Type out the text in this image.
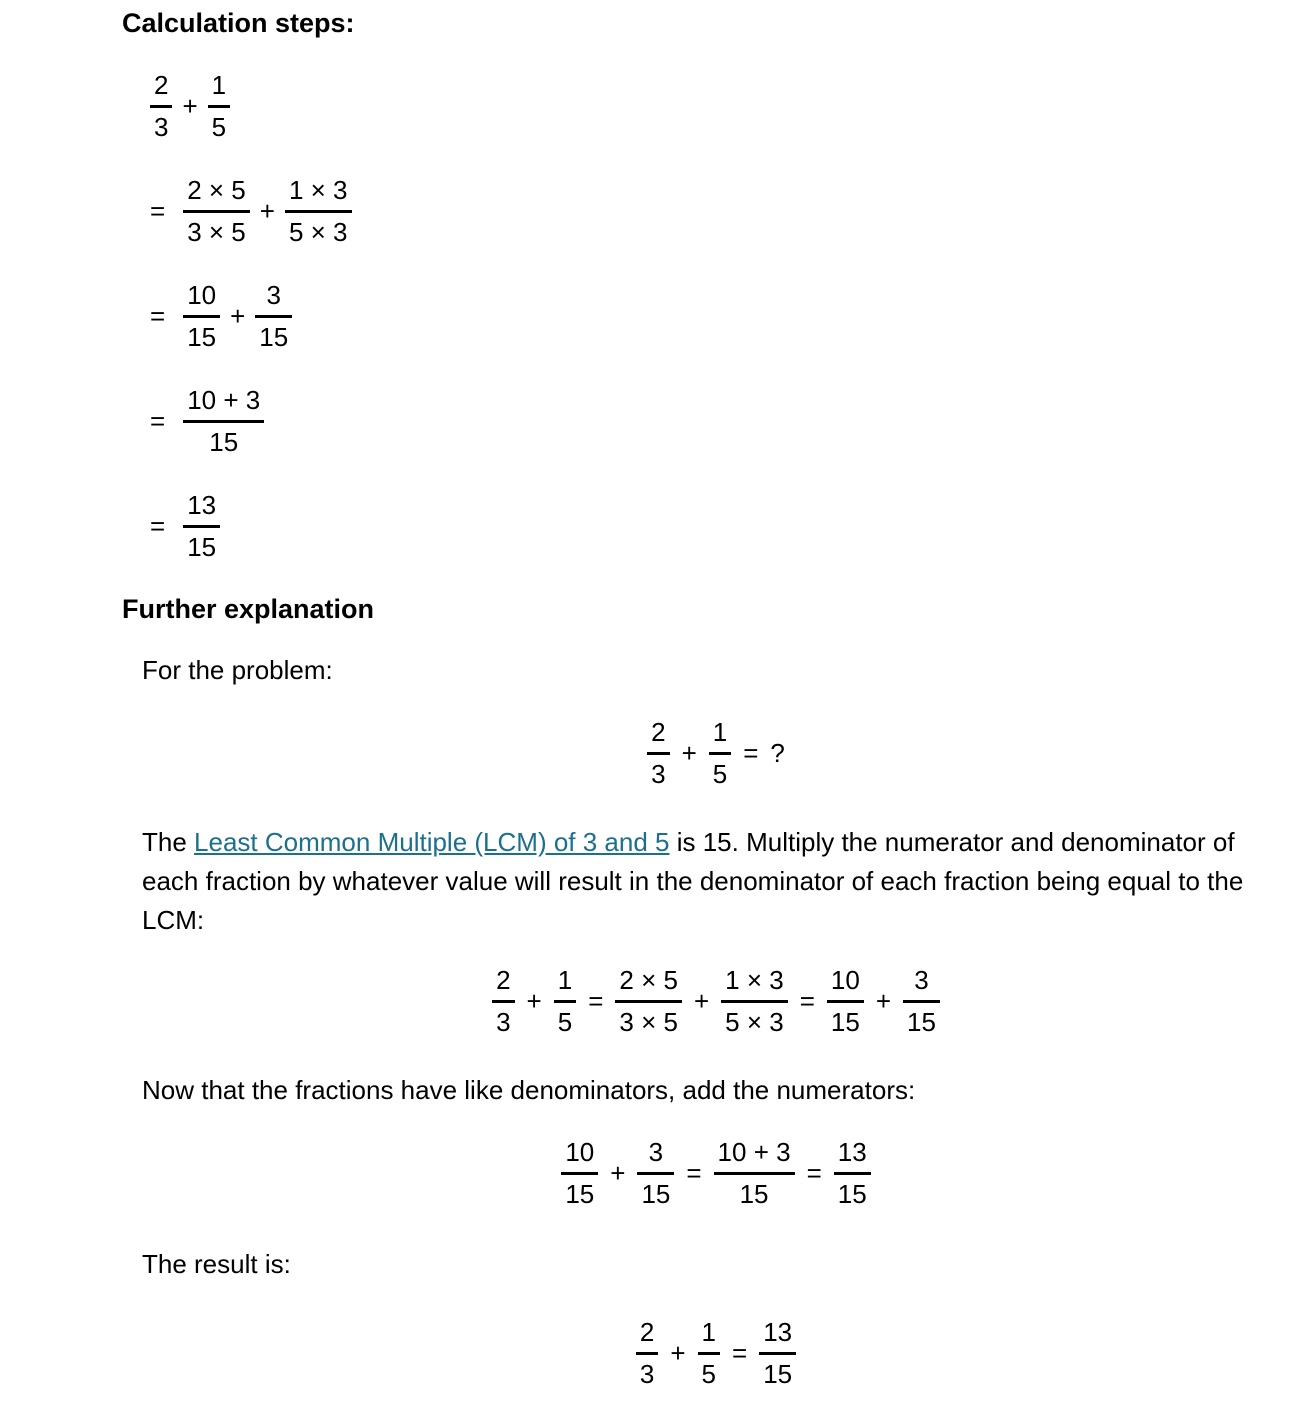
Calculation steps:
$\frac{2}{3} + \frac{1}{5}$
= $\frac{2 \times 5}{3 \times 5} + \frac{1 \times 3}{5 \times 3}$
= $\frac{10}{15} + \frac{3}{15}$
= $\frac{10 + 3}{15}$
= $\frac{13}{15}$
Further explanation

For the problem:

$\frac{2}{3} + \frac{1}{5}$ = ?

The Least Common Multiple (LCM) of 3 and 5 is 15. Multiply the numerator and denominator of each fraction by whatever value will result in the denominator of each fraction being equal to the LCM:

$\frac{2}{3} + \frac{1}{5} = \frac{2 \times 5}{3 \times 5} + \frac{1 \times 3}{5 \times 3} = \frac{10}{15} + \frac{3}{15}$

Now that the fractions have like denominators, add the numerators:

$\frac{10}{15} + \frac{3}{15} = \frac{10 + 3}{15} = \frac{13}{15}$

The result is:

$\frac{2}{3} + \frac{1}{5} = \frac{13}{15}$
